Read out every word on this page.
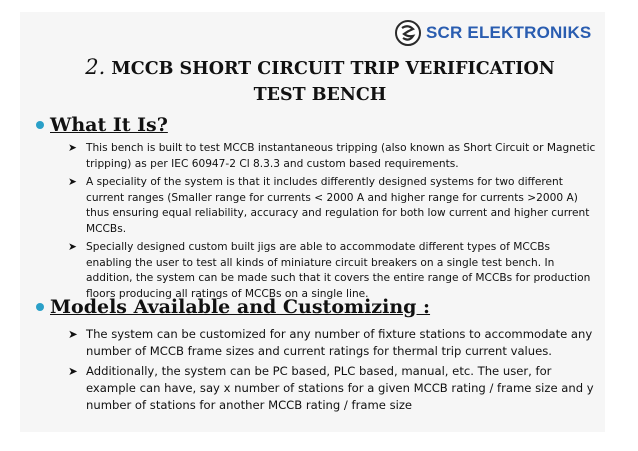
SCR ELEKTRONIKS
2. MCCB SHORT CIRCUIT TRIP VERIFICATION
TEST BENCH
What It Is?
➤ This bench is built to test MCCB instantaneous tripping (also known as Short Circuit or Magnetic tripping) as per IEC 60947-2 Cl 8.3.3 and custom based requirements.
➤ A speciality of the system is that it includes differently designed systems for two different current ranges (Smaller range for currents < 2000 A and higher range for currents >2000 A) thus ensuring equal reliability, accuracy and regulation for both low current and higher current MCCBs.
➤ Specially designed custom built jigs are able to accommodate different types of MCCBs enabling the user to test all kinds of miniature circuit breakers on a single test bench. In addition, the system can be made such that it covers the entire range of MCCBs for production floors producing all ratings of MCCBs on a single line.
Models Available and Customizing :
➤ The system can be customized for any number of fixture stations to accommodate any number of MCCB frame sizes and current ratings for thermal trip current values.
➤ Additionally, the system can be PC based, PLC based, manual, etc. The user, for example can have, say x number of stations for a given MCCB rating / frame size and y number of stations for another MCCB rating / frame size
